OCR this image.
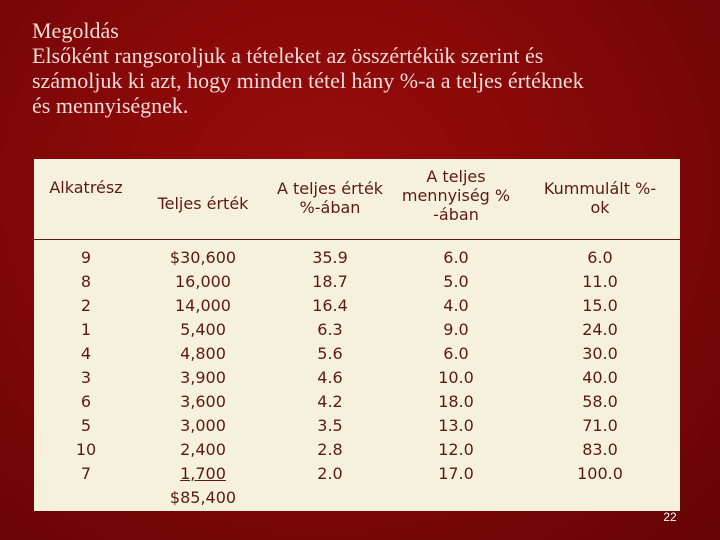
Megoldás
Elsőként rangsoroljuk a tételeket az összértékük szerint és
számoljuk ki azt, hogy minden tétel hány %-a a teljes értéknek
és mennyiségnek.
Alkatrész
Teljes érték
A teljes érték
%-ában
A teljes
mennyiség %
-ában
Kummulált %-
ok
9
8
2
1
4
3
6
5
10
7
$30,600
16,000
14,000
5,400
4,800
3,900
3,600
3,000
2,400
1,700
$85,400
35.9
18.7
16.4
6.3
5.6
4.6
4.2
3.5
2.8
2.0
6.0
5.0
4.0
9.0
6.0
10.0
18.0
13.0
12.0
17.0
6.0
11.0
15.0
24.0
30.0
40.0
58.0
71.0
83.0
100.0
22
